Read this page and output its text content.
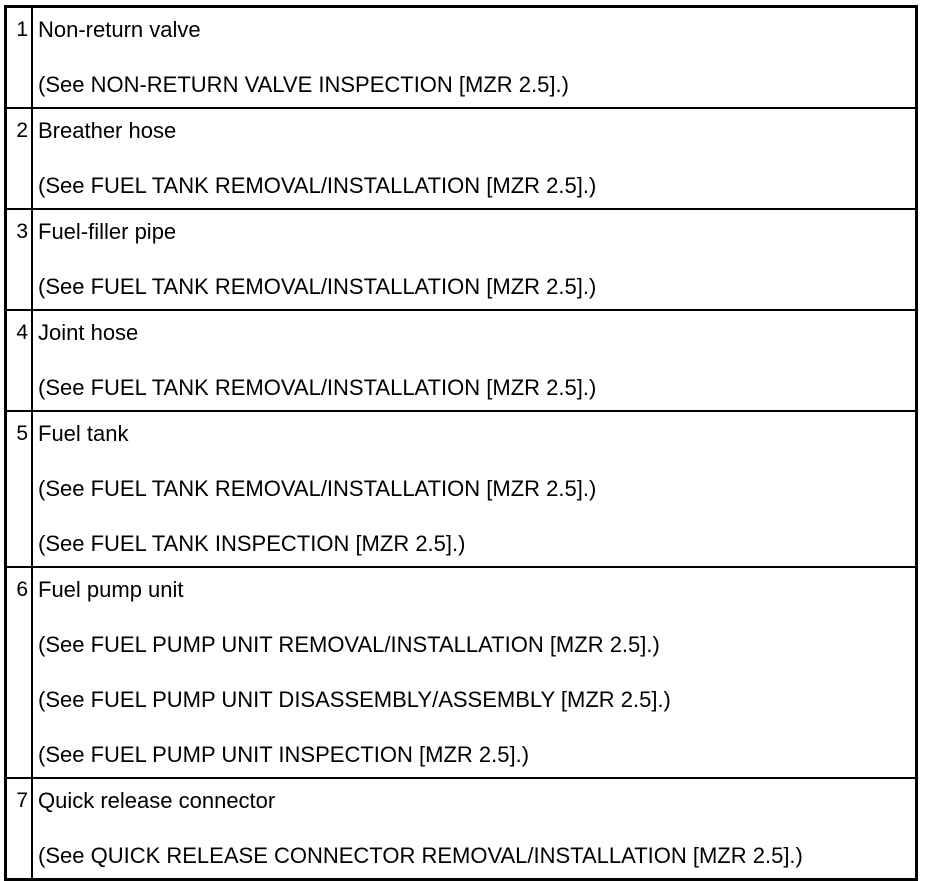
1 Non-return valve
(See NON-RETURN VALVE INSPECTION [MZR 2.5].)
2 Breather hose
(See FUEL TANK REMOVAL/INSTALLATION [MZR 2.5].)
3 Fuel-filler pipe
(See FUEL TANK REMOVAL/INSTALLATION [MZR 2.5].)
4 Joint hose
(See FUEL TANK REMOVAL/INSTALLATION [MZR 2.5].)
5 Fuel tank
(See FUEL TANK REMOVAL/INSTALLATION [MZR 2.5].)
(See FUEL TANK INSPECTION [MZR 2.5].)
6 Fuel pump unit
(See FUEL PUMP UNIT REMOVAL/INSTALLATION [MZR 2.5].)
(See FUEL PUMP UNIT DISASSEMBLY/ASSEMBLY [MZR 2.5].)
(See FUEL PUMP UNIT INSPECTION [MZR 2.5].)
7 Quick release connector
(See QUICK RELEASE CONNECTOR REMOVAL/INSTALLATION [MZR 2.5].)
